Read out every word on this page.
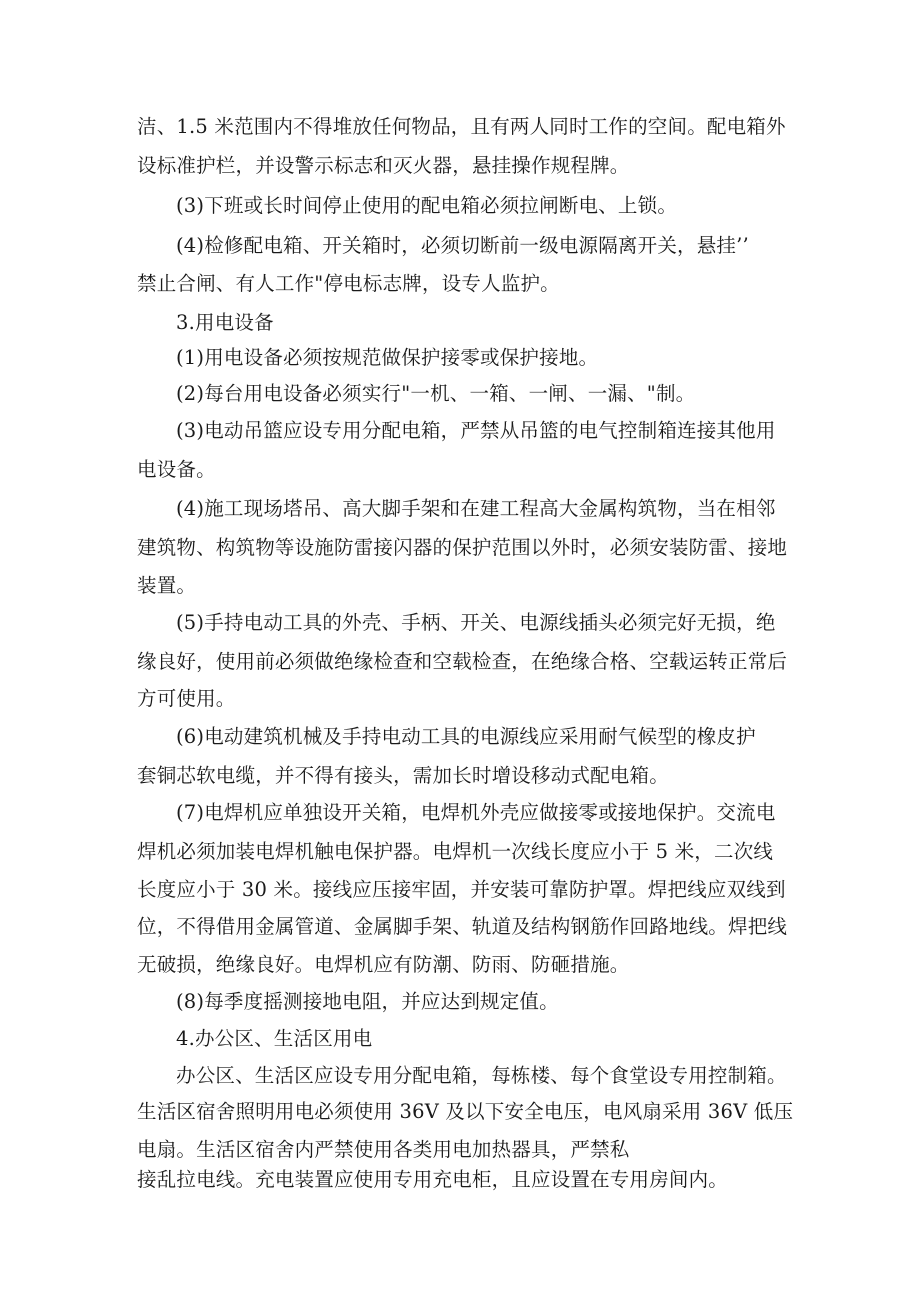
洁、1.5 米范围内不得堆放任何物品，且有两人同时工作的空间。配电箱外
设标准护栏，并设警示标志和灭火器，悬挂操作规程牌。
(3)下班或长时间停止使用的配电箱必须拉闸断电、上锁。
(4)检修配电箱、开关箱时，必须切断前一级电源隔离开关，悬挂’’
禁止合闸、有人工作"停电标志牌，设专人监护。
3.用电设备
(1)用电设备必须按规范做保护接零或保护接地。
(2)每台用电设备必须实行"一机、一箱、一闸、一漏、"制。
(3)电动吊篮应设专用分配电箱，严禁从吊篮的电气控制箱连接其他用
电设备。
(4)施工现场塔吊、高大脚手架和在建工程高大金属构筑物，当在相邻
建筑物、构筑物等设施防雷接闪器的保护范围以外时，必须安装防雷、接地
装置。
(5)手持电动工具的外壳、手柄、开关、电源线插头必须完好无损，绝
缘良好，使用前必须做绝缘检查和空载检查，在绝缘合格、空载运转正常后
方可使用。
(6)电动建筑机械及手持电动工具的电源线应采用耐气候型的橡皮护
套铜芯软电缆，并不得有接头，需加长时增设移动式配电箱。
(7)电焊机应单独设开关箱，电焊机外壳应做接零或接地保护。交流电
焊机必须加装电焊机触电保护器。电焊机一次线长度应小于 5 米，二次线
长度应小于 30 米。接线应压接牢固，并安装可靠防护罩。焊把线应双线到
位，不得借用金属管道、金属脚手架、轨道及结构钢筋作回路地线。焊把线
无破损，绝缘良好。电焊机应有防潮、防雨、防砸措施。
(8)每季度摇测接地电阻，并应达到规定值。
4.办公区、生活区用电
办公区、生活区应设专用分配电箱，每栋楼、每个食堂设专用控制箱。
生活区宿舍照明用电必须使用 36V 及以下安全电压，电风扇采用 36V 低压
电扇。生活区宿舍内严禁使用各类用电加热器具，严禁私
接乱拉电线。充电装置应使用专用充电柜，且应设置在专用房间内。
